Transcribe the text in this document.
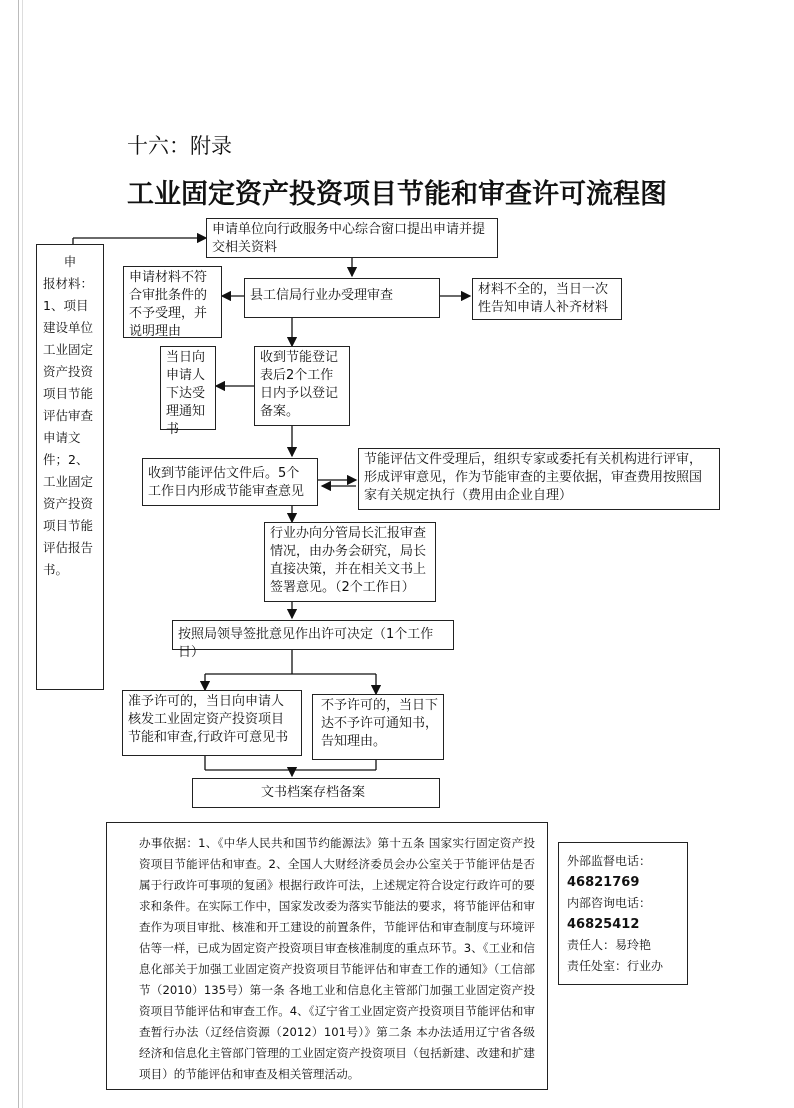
十六：附录
工业固定资产投资项目节能和审查许可流程图
申
报材料：1、项目建设单位工业固定资产投资项目节能评估审查申请文件；2、工业固定资产投资项目节能评估报告书。
申请单位向行政服务中心综合窗口提出申请并提交相关资料
申请材料不符合审批条件的不予受理，并说明理由
县工信局行业办受理审查	材料不全的，当日一次性告知申请人补齐材料
当日向申请人下达受理通知书
收到节能登记表后2个工作日内予以登记备案。
收到节能评估文件后。5个工作日内形成节能审查意见
节能评估文件受理后，组织专家或委托有关机构进行评审，形成评审意见，作为节能审查的主要依据，审查费用按照国家有关规定执行（费用由企业自理）
行业办向分管局长汇报审查情况，由办务会研究，局长直接决策，并在相关文书上签署意见。（2个工作日）
按照局领导签批意见作出许可决定（1个工作日）
准予许可的，当日向申请人核发工业固定资产投资项目节能和审查,行政许可意见书
不予许可的，当日下达不予许可通知书，告知理由。
文书档案存档备案
办事依据：1、《中华人民共和国节约能源法》第十五条 国家实行固定资产投资项目节能评估和审查。2、全国人大财经济委员会办公室关于节能评估是否属于行政许可事项的复函》根据行政许可法，上述规定符合设定行政许可的要求和条件。在实际工作中，国家发改委为落实节能法的要求，将节能评估和审查作为项目审批、核准和开工建设的前置条件，节能评估和审查制度与环境评估等一样，已成为固定资产投资项目审查核准制度的重点环节。3、《工业和信息化部关于加强工业固定资产投资项目节能评估和审查工作的通知》（工信部节（2010）135号）第一条 各地工业和信息化主管部门加强工业固定资产投资项目节能评估和审查工作。4、《辽宁省工业固定资产投资项目节能评估和审查暂行办法（辽经信资源（2012）101号）》第二条 本办法适用辽宁省各级经济和信息化主管部门管理的工业固定资产投资项目（包括新建、改建和扩建项目）的节能评估和审查及相关管理活动。
外部监督电话：
46821769
内部咨询电话：
46825412
责任人：易玲艳
责任处室：行业办
